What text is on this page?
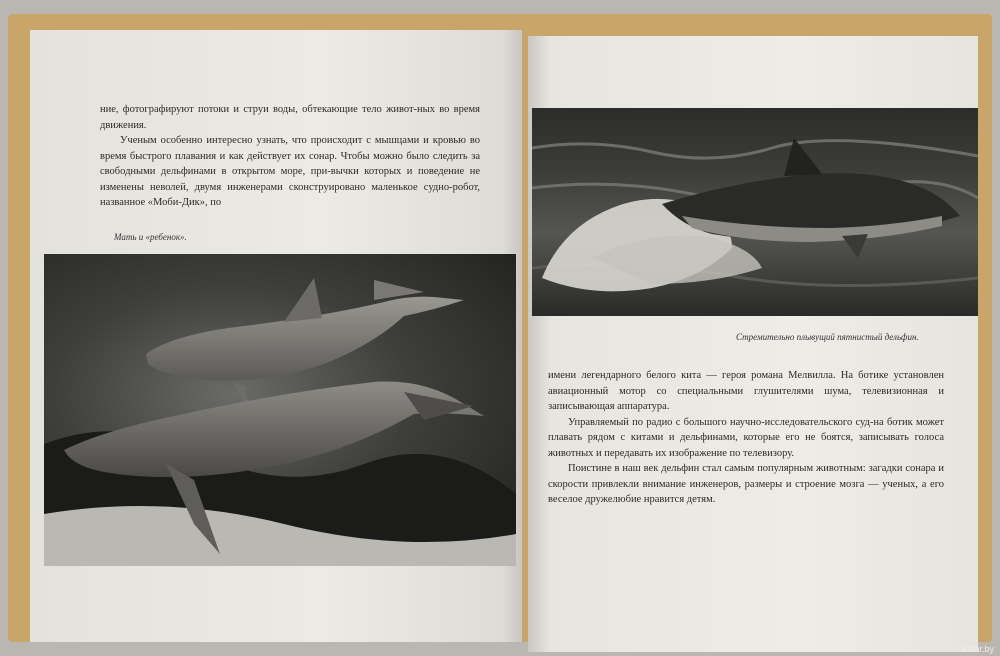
ние, фотографируют потоки и струи воды, обтекающие тело живот-ных во время движения.

Ученым особенно интересно узнать, что происходит с мышцами и кровью во время быстрого плавания и как действует их сонар. Чтобы можно было следить за свободными дельфинами в открытом море, при-вычки которых и поведение не изменены неволей, двумя инженерами сконструировано маленькое судно-робот, названное «Моби-Дик», по

Мать и «ребенок».
Стремительно плывущий пятнистый дельфин.

имени легендарного белого кита — героя романа Мелвилла. На ботике установлен авиационный мотор со специальными глушителями шума, телевизионная и записывающая аппаратура.

Управляемый по радио с большого научно-исследовательского суд-на ботик может плавать рядом с китами и дельфинами, которые его не боятся, записывать голоса животных и передавать их изображение по телевизору.

Поистине в наш век дельфин стал самым популярным животным: загадки сонара и скорости привлекли внимание инженеров, размеры и строение мозга — ученых, а его веселое дружелюбие нравится детям.

kufar.by
